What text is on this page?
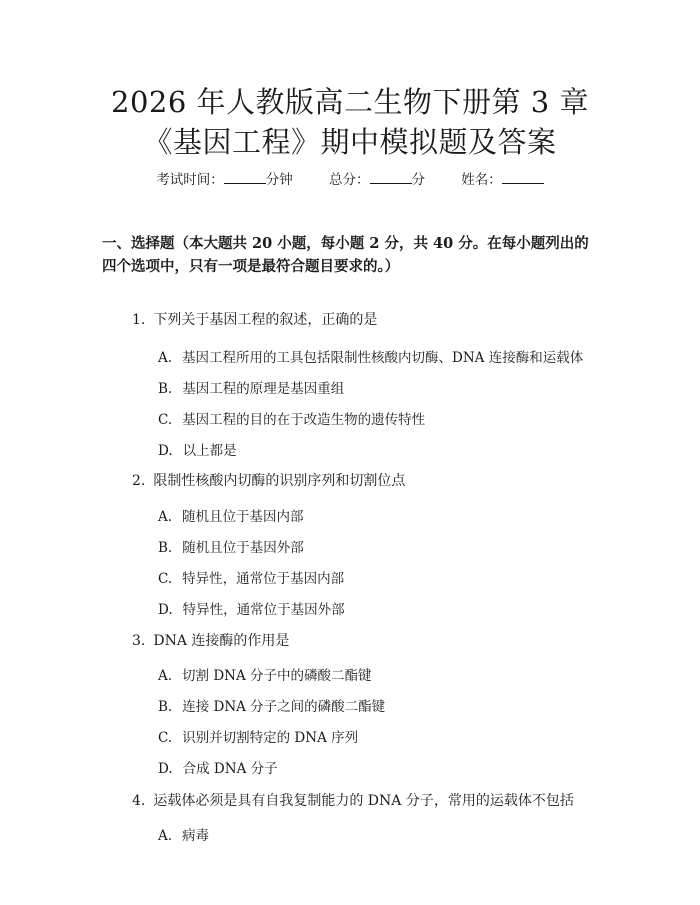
2026 年人教版高二生物下册第 3 章《基因工程》期中模拟题及答案
考试时间：	分钟	总分：	分	姓名：
一、选择题（本大题共 20 小题，每小题 2 分，共 40 分。在每小题列出的四个选项中，只有一项是最符合题目要求的。）
1. 下列关于基因工程的叙述，正确的是
A. 基因工程所用的工具包括限制性核酸内切酶、DNA 连接酶和运载体
B. 基因工程的原理是基因重组
C. 基因工程的目的在于改造生物的遗传特性
D. 以上都是
2. 限制性核酸内切酶的识别序列和切割位点
A. 随机且位于基因内部
B. 随机且位于基因外部
C. 特异性，通常位于基因内部
D. 特异性，通常位于基因外部
3. DNA 连接酶的作用是
A. 切割 DNA 分子中的磷酸二酯键
B. 连接 DNA 分子之间的磷酸二酯键
C. 识别并切割特定的 DNA 序列
D. 合成 DNA 分子
4. 运载体必须是具有自我复制能力的 DNA 分子，常用的运载体不包括
A. 病毒
